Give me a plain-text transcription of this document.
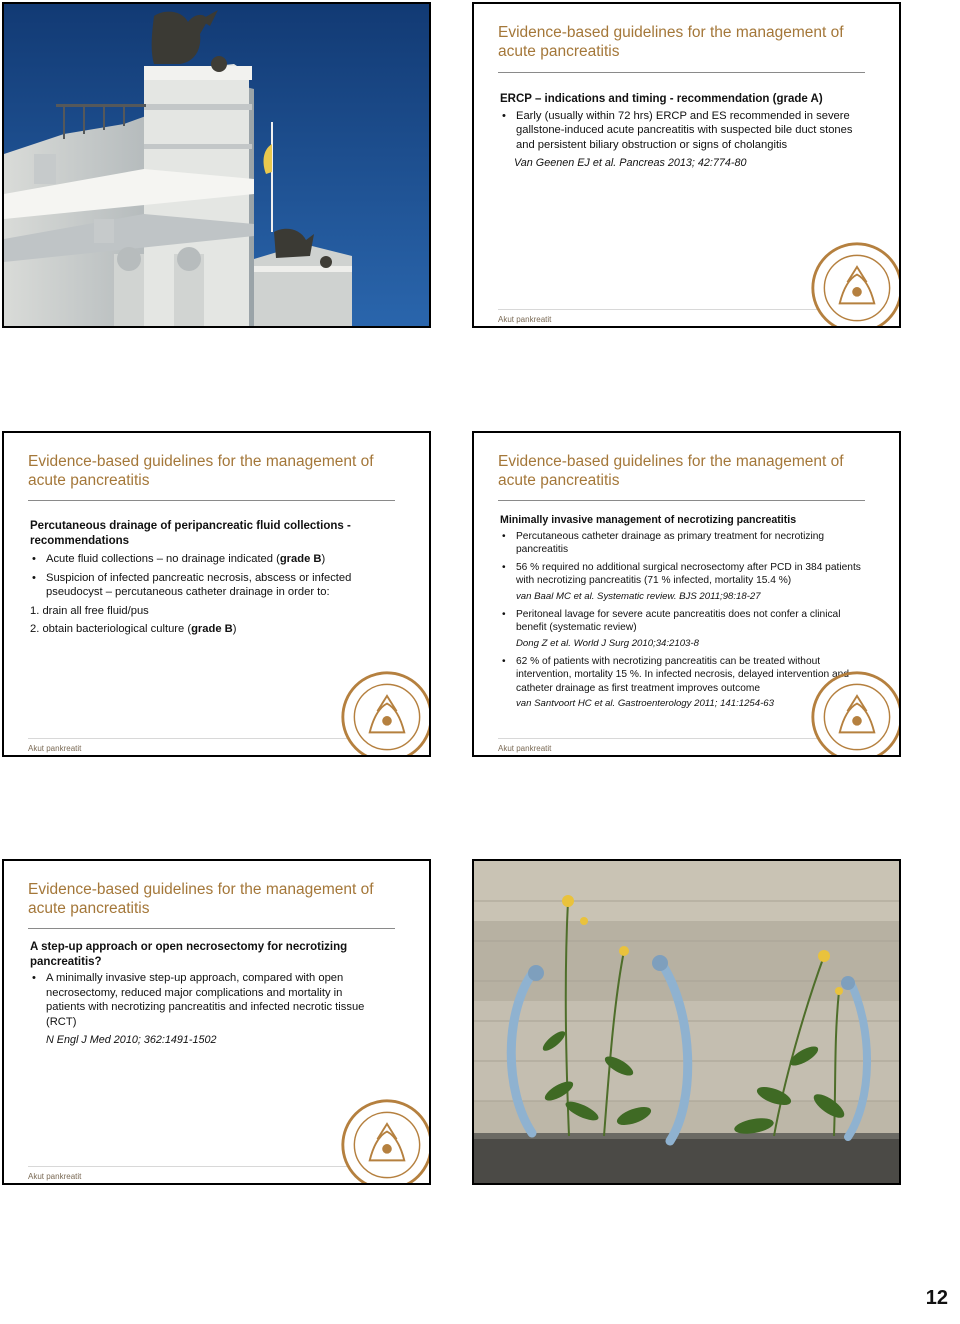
Evidence-based guidelines for the management of acute pancreatitis
ERCP – indications and timing - recommendation (grade A)
• Early (usually within 72 hrs) ERCP and ES recommended in severe gallstone-induced acute pancreatitis with suspected bile duct stones and persistent biliary obstruction or signs of cholangitis
Van Geenen EJ et al. Pancreas 2013; 42:774-80
Akut pankreatit
Evidence-based guidelines for the management of acute pancreatitis
Percutaneous drainage of peripancreatic fluid collections - recommendations
• Acute fluid collections – no drainage indicated (grade B)
• Suspicion of infected pancreatic necrosis, abscess or infected pseudocyst – percutaneous catheter drainage in order to:
1. drain all free fluid/pus
2. obtain bacteriological culture (grade B)
Akut pankreatit
Evidence-based guidelines for the management of acute pancreatitis
Minimally invasive management of necrotizing pancreatitis
• Percutaneous catheter drainage as primary treatment for necrotizing pancreatitis
• 56 % required no additional surgical necrosectomy after PCD in 384 patients with necrotizing pancreatitis (71 % infected, mortality 15.4 %)
van Baal MC et al. Systematic review. BJS 2011;98:18-27
• Peritoneal lavage for severe acute pancreatitis does not confer a clinical benefit (systematic review)
Dong Z et al. World J Surg 2010;34:2103-8
• 62 % of patients with necrotizing pancreatitis can be treated without intervention, mortality 15 %. In infected necrosis, delayed intervention and catheter drainage as first treatment improves outcome
van Santvoort HC et al. Gastroenterology 2011; 141:1254-63
Akut pankreatit
Evidence-based guidelines for the management of acute pancreatitis
A step-up approach or open necrosectomy for necrotizing pancreatitis?
• A minimally invasive step-up approach, compared with open necrosectomy, reduced major complications and mortality in patients with necrotizing pancreatitis and infected necrotic tissue (RCT)
N Engl J Med 2010; 362:1491-1502
Akut pankreatit
12
